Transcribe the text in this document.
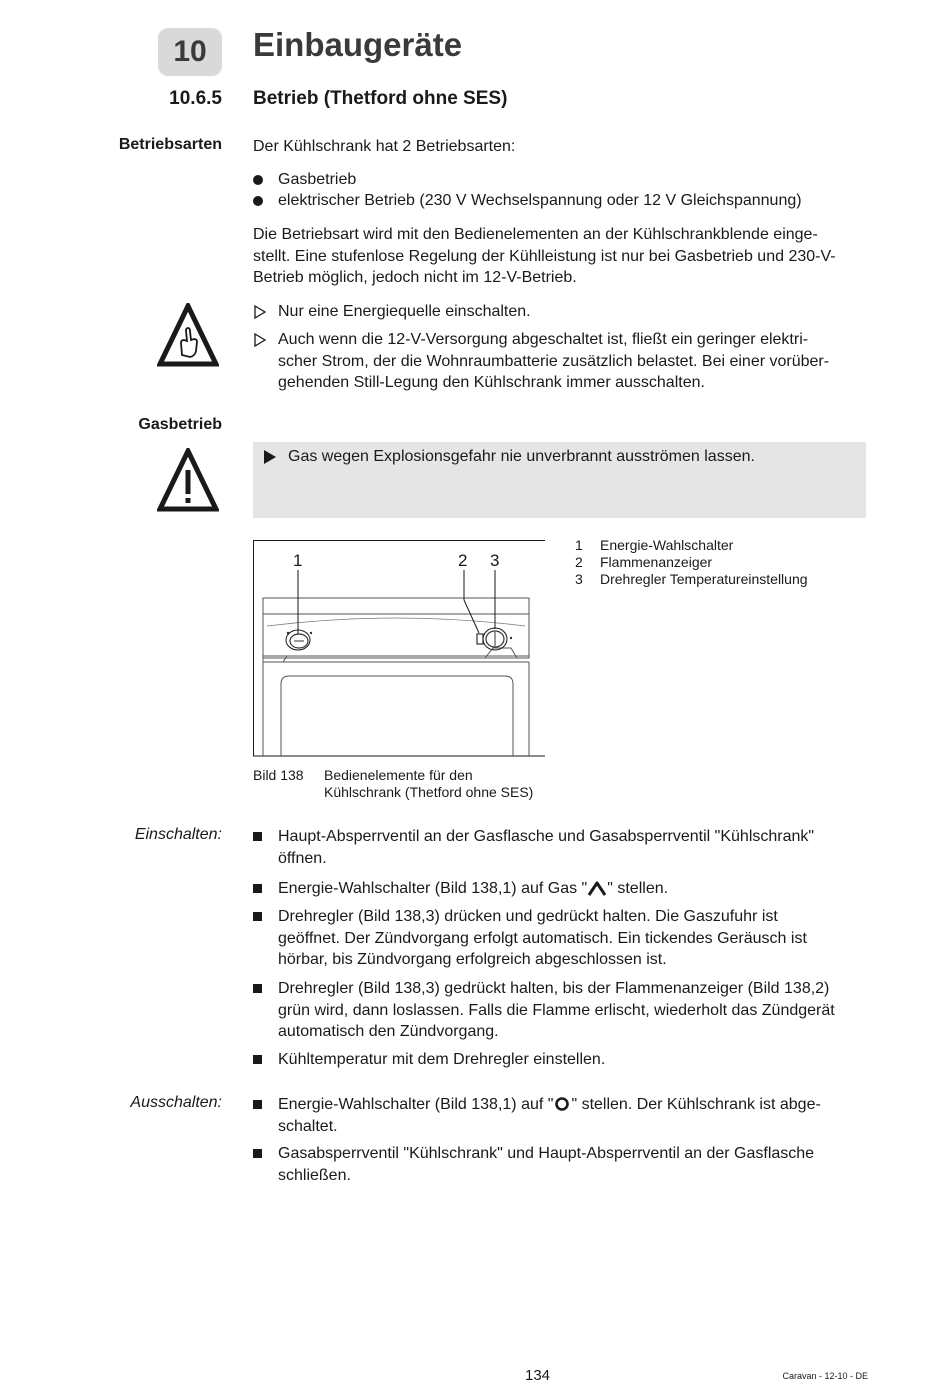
10	Einbaugeräte
10.6.5 Betrieb (Thetford ohne SES)
Betriebsarten Der Kühlschrank hat 2 Betriebsarten:
Gasbetrieb
elektrischer Betrieb (230 V Wechselspannung oder 12 V Gleichspannung)
Die Betriebsart wird mit den Bedienelementen an der Kühlschrankblende einge-
stellt. Eine stufenlose Regelung der Kühlleistung ist nur bei Gasbetrieb und 230-V-
Betrieb möglich, jedoch nicht im 12-V-Betrieb.
Nur eine Energiequelle einschalten.
Auch wenn die 12-V-Versorgung abgeschaltet ist, fließt ein geringer elektri-
scher Strom, der die Wohnraumbatterie zusätzlich belastet. Bei einer vorüber-
gehenden Still-Legung den Kühlschrank immer ausschalten.
Gasbetrieb
Gas wegen Explosionsgefahr nie unverbrannt ausströmen lassen.
1	2 3
1 Energie-Wahlschalter
2 Flammenanzeiger
3 Drehregler Temperatureinstellung
Bild 138 Bedienelemente für den
Kühlschrank (Thetford ohne SES)
Einschalten:	Haupt-Absperrventil an der Gasflasche und Gasabsperrventil "Kühlschrank"
öffnen.
Energie-Wahlschalter (Bild 138,1) auf Gas " " stellen.
Drehregler (Bild 138,3) drücken und gedrückt halten. Die Gaszufuhr ist
geöffnet. Der Zündvorgang erfolgt automatisch. Ein tickendes Geräusch ist
hörbar, bis Zündvorgang erfolgreich abgeschlossen ist.
Drehregler (Bild 138,3) gedrückt halten, bis der Flammenanzeiger (Bild 138,2)
grün wird, dann loslassen. Falls die Flamme erlischt, wiederholt das Zündgerät
automatisch den Zündvorgang.
Kühltemperatur mit dem Drehregler einstellen.
Ausschalten:	Energie-Wahlschalter (Bild 138,1) auf " " stellen. Der Kühlschrank ist abge-
schaltet.
Gasabsperrventil "Kühlschrank" und Haupt-Absperrventil an der Gasflasche
schließen.
134	Caravan - 12-10 - DE
